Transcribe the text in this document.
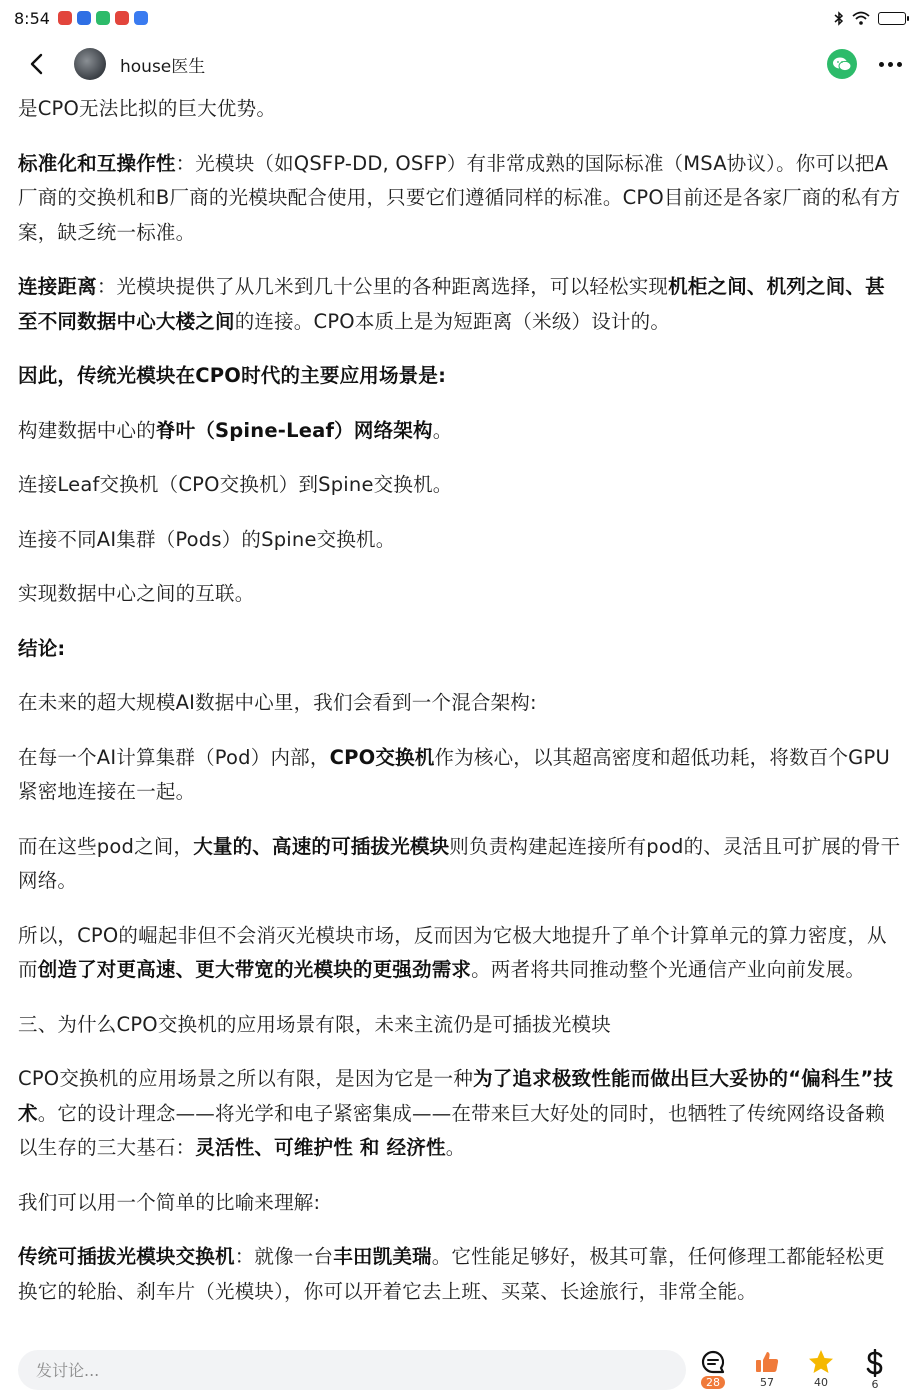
8:54
house医生

是CPO无法比拟的巨大优势。

标准化和互操作性：光模块（如QSFP-DD, OSFP）有非常成熟的国际标准（MSA协议）。你可以把A厂商的交换机和B厂商的光模块配合使用，只要它们遵循同样的标准。CPO目前还是各家厂商的私有方案，缺乏统一标准。

连接距离：光模块提供了从几米到几十公里的各种距离选择，可以轻松实现机柜之间、机列之间、甚至不同数据中心大楼之间的连接。CPO本质上是为短距离（米级）设计的。

因此，传统光模块在CPO时代的主要应用场景是:

构建数据中心的脊叶（Spine-Leaf）网络架构。

连接Leaf交换机（CPO交换机）到Spine交换机。

连接不同AI集群（Pods）的Spine交换机。

实现数据中心之间的互联。

结论:

在未来的超大规模AI数据中心里，我们会看到一个混合架构:

在每一个AI计算集群（Pod）内部，CPO交换机作为核心，以其超高密度和超低功耗，将数百个GPU紧密地连接在一起。

而在这些pod之间，大量的、高速的可插拔光模块则负责构建起连接所有pod的、灵活且可扩展的骨干网络。

所以，CPO的崛起非但不会消灭光模块市场，反而因为它极大地提升了单个计算单元的算力密度，从而创造了对更高速、更大带宽的光模块的更强劲需求。两者将共同推动整个光通信产业向前发展。

三、为什么CPO交换机的应用场景有限，未来主流仍是可插拔光模块

CPO交换机的应用场景之所以有限，是因为它是一种为了追求极致性能而做出巨大妥协的“偏科生”技术。它的设计理念——将光学和电子紧密集成——在带来巨大好处的同时，也牺牲了传统网络设备赖以生存的三大基石：灵活性、可维护性 和 经济性。

我们可以用一个简单的比喻来理解:

传统可插拔光模块交换机：就像一台丰田凯美瑞。它性能足够好，极其可靠，任何修理工都能轻松更换它的轮胎、刹车片（光模块），你可以开着它去上班、买菜、长途旅行，非常全能。

发讨论...
28	57	40	6
